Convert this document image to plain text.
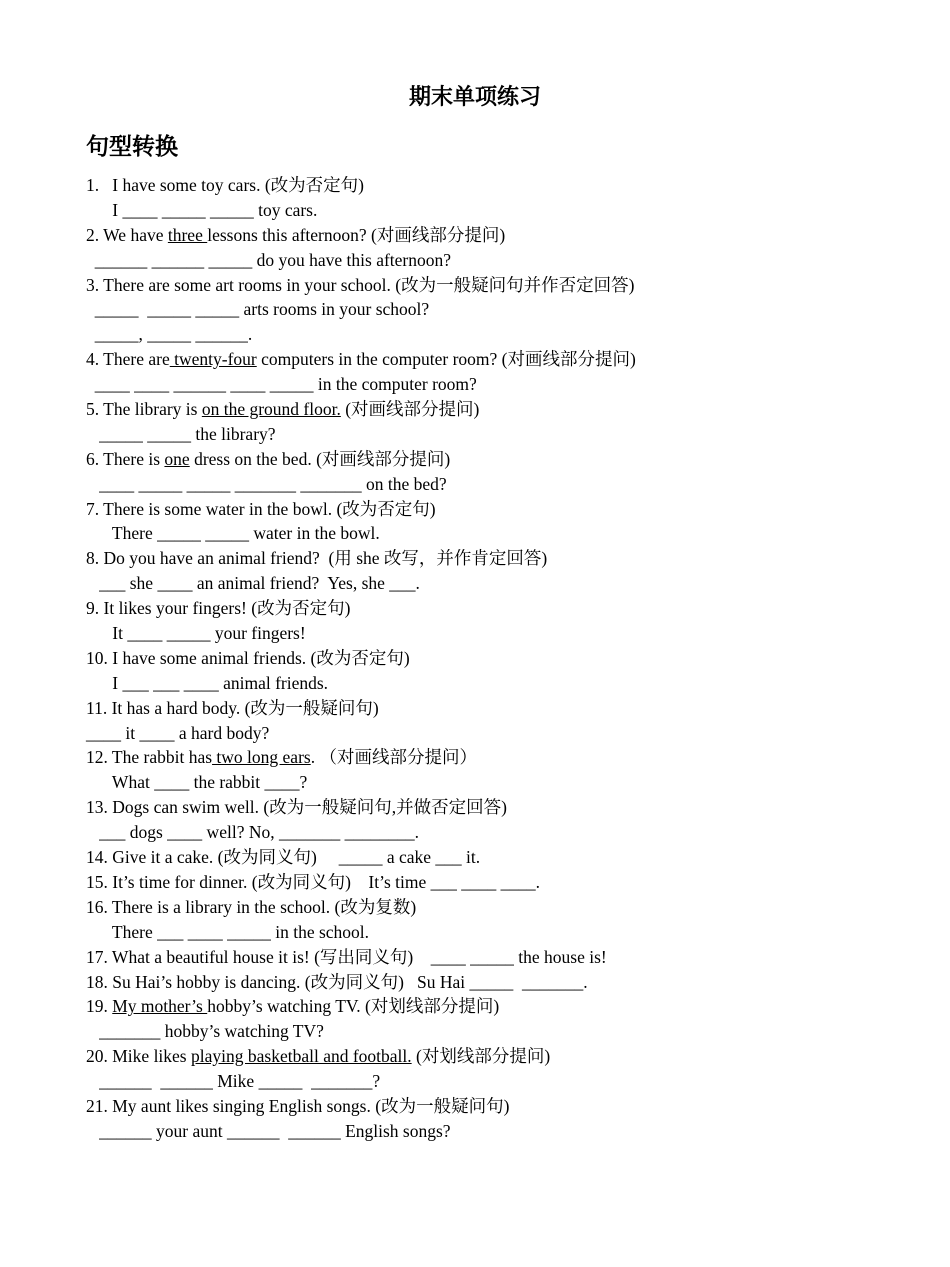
期末单项练习
句型转换
1.   I have some toy cars. (改为否定句)
I ____ _____ _____ toy cars.
2. We have three lessons this afternoon? (对画线部分提问)
______ ______ _____ do you have this afternoon?
3. There are some art rooms in your school. (改为一般疑问句并作否定回答)
_____  _____ _____ arts rooms in your school?
_____, _____ ______.
4. There are twenty-four computers in the computer room? (对画线部分提问)
____ ____ ______ ____ _____ in the computer room?
5. The library is on the ground floor. (对画线部分提问)
_____ _____ the library?
6. There is one dress on the bed. (对画线部分提问)
____ _____ _____ _______ _______ on the bed?
7. There is some water in the bowl. (改为否定句)
There _____ _____ water in the bowl.
8. Do you have an animal friend?  (用 she 改写，并作肯定回答)
___ she ____ an animal friend?  Yes, she ___.
9. It likes your fingers! (改为否定句)
It ____ _____ your fingers!
10. I have some animal friends. (改为否定句)
I ___ ___ ____ animal friends.
11. It has a hard body. (改为一般疑问句)
____ it ____ a hard body?
12. The rabbit has two long ears. （对画线部分提问）
What ____ the rabbit ____?
13. Dogs can swim well. (改为一般疑问句,并做否定回答)
___ dogs ____ well? No, _______ ________.
14. Give it a cake. (改为同义句)     _____ a cake ___ it.
15. It’s time for dinner. (改为同义句)    It’s time ___ ____ ____.
16. There is a library in the school. (改为复数)
There ___ ____ _____ in the school.
17. What a beautiful house it is! (写出同义句)    ____ _____ the house is!
18. Su Hai’s hobby is dancing. (改为同义句)   Su Hai _____  _______.
19. My mother’s hobby’s watching TV. (对划线部分提问)
_______ hobby’s watching TV?
20. Mike likes playing basketball and football. (对划线部分提问)
______  ______ Mike _____  _______?
21. My aunt likes singing English songs. (改为一般疑问句)
______ your aunt ______  ______ English songs?
